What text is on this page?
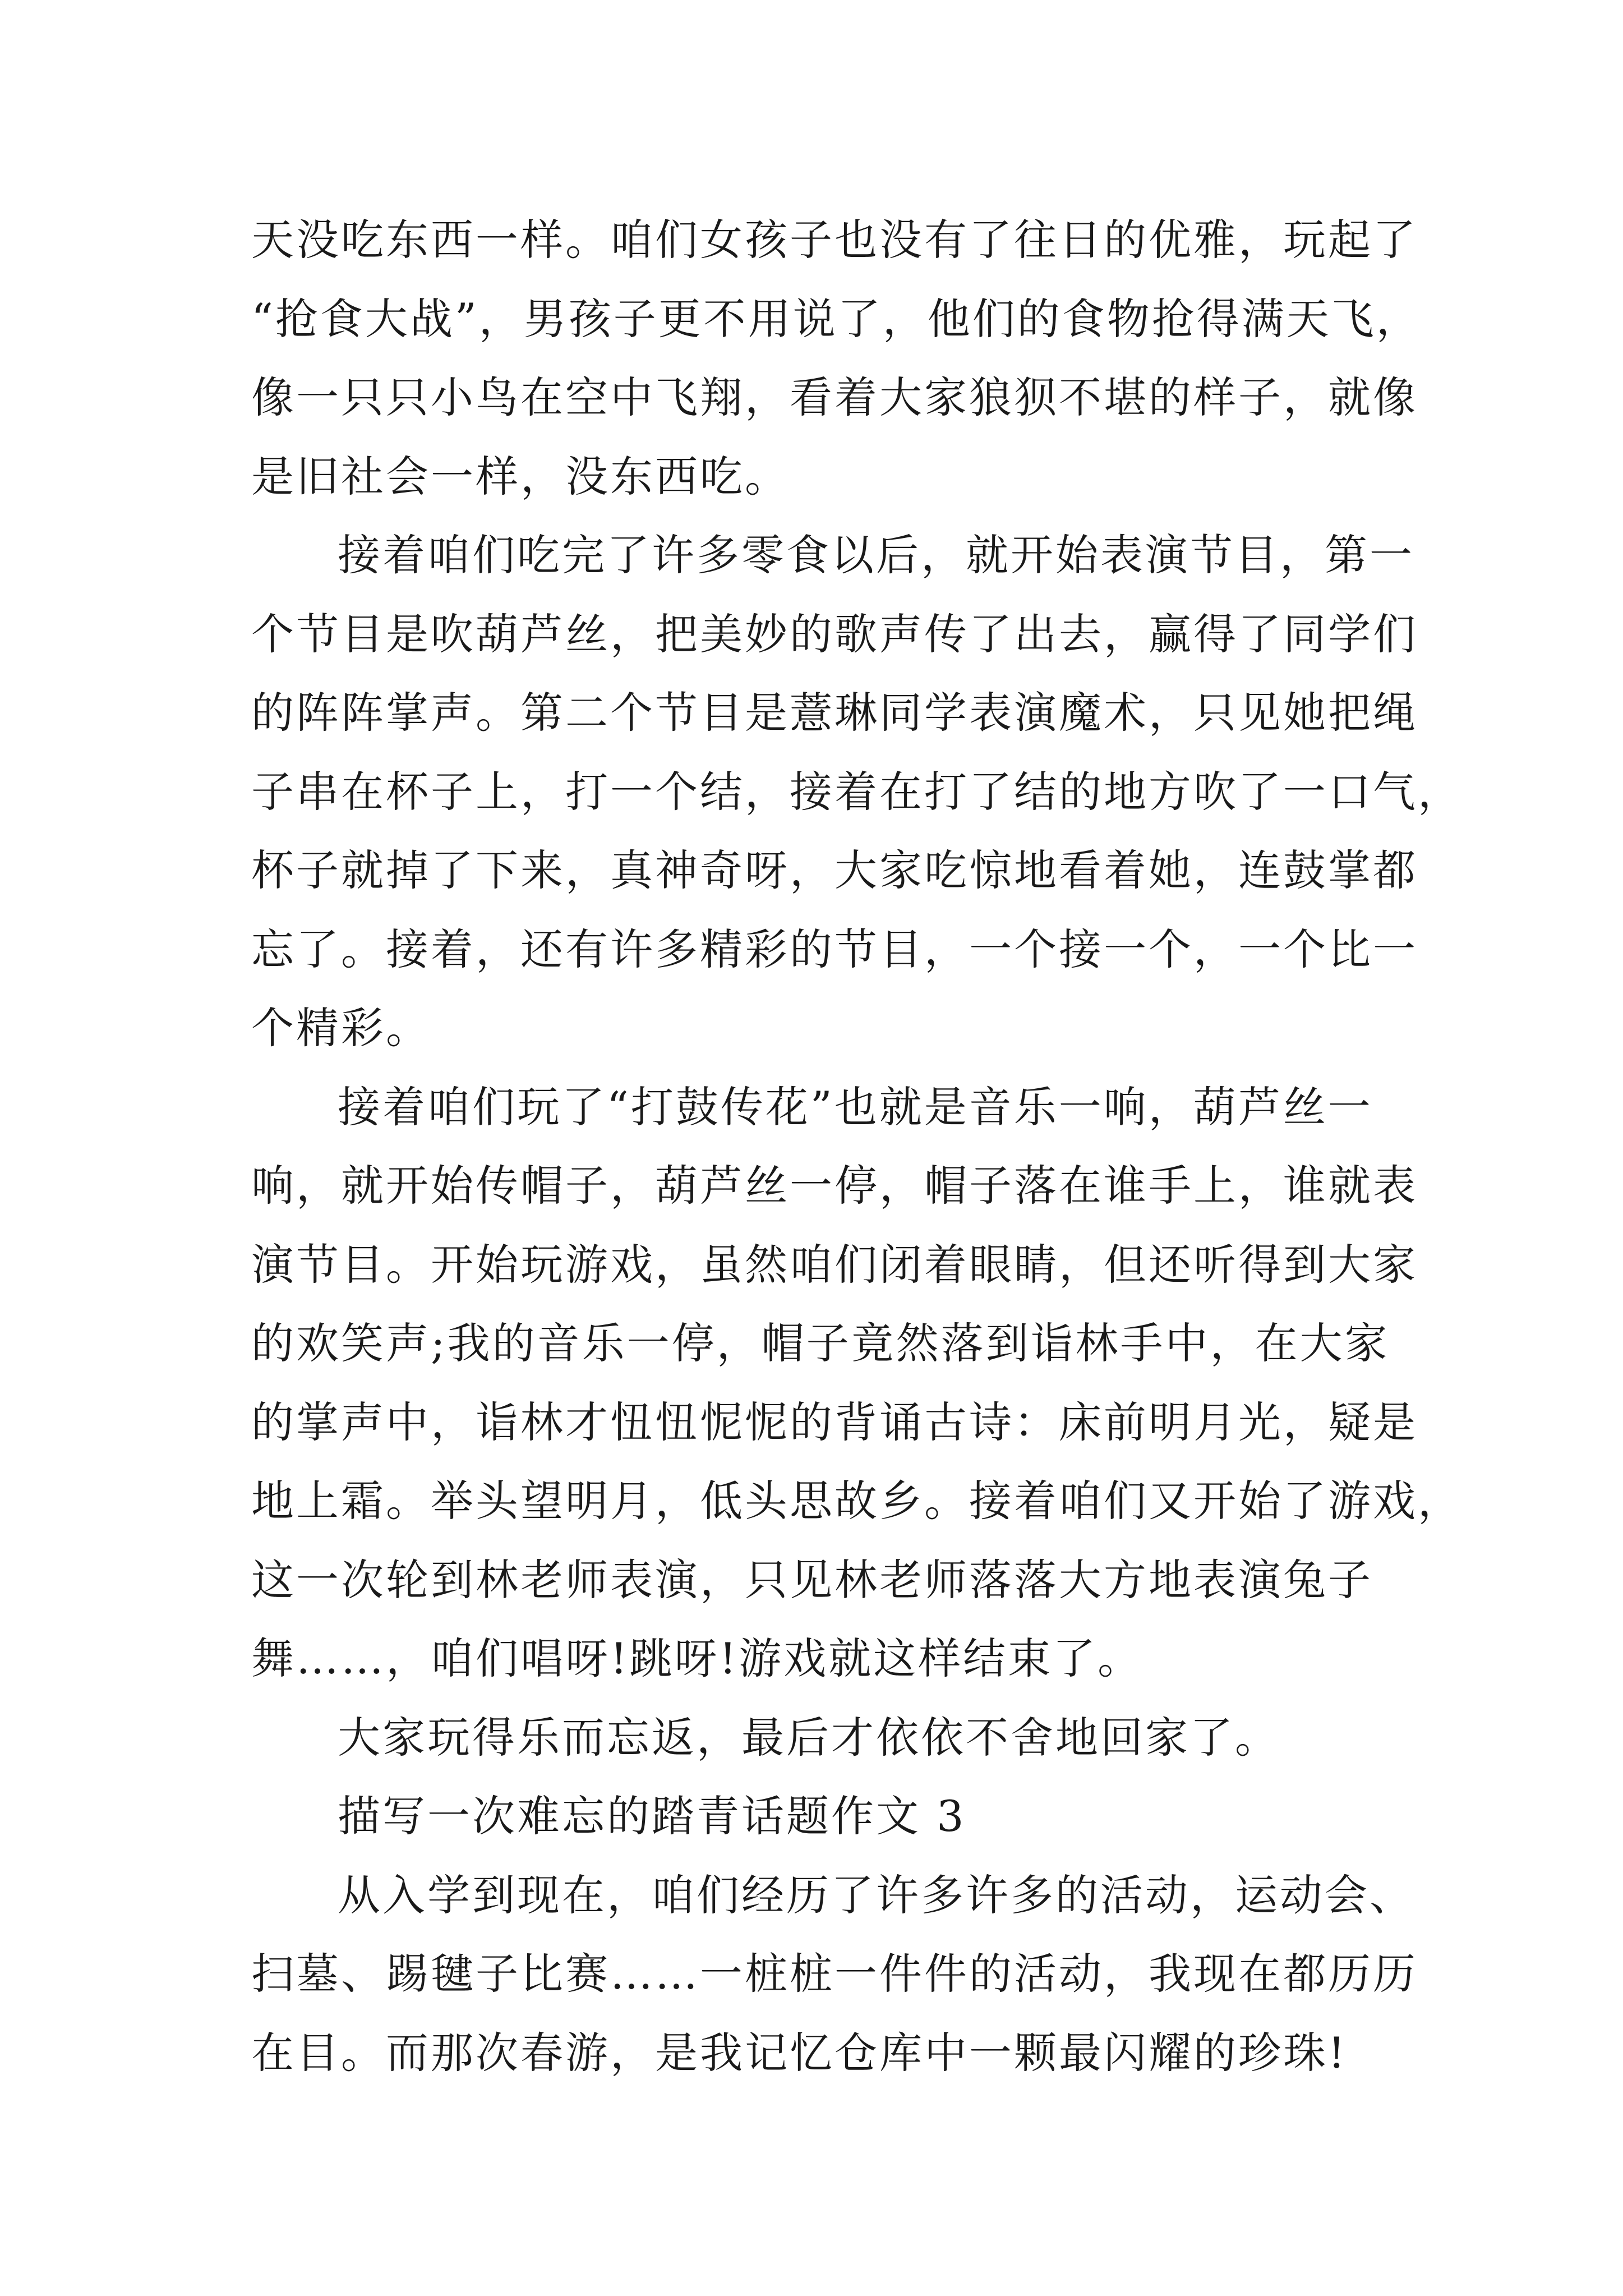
天没吃东西一样。咱们女孩子也没有了往日的优雅，玩起了
“抢食大战”，男孩子更不用说了，他们的食物抢得满天飞，
像一只只小鸟在空中飞翔，看着大家狼狈不堪的样子，就像
是旧社会一样，没东西吃。
接着咱们吃完了许多零食以后，就开始表演节目，第一
个节目是吹葫芦丝，把美妙的歌声传了出去，赢得了同学们
的阵阵掌声。第二个节目是薏琳同学表演魔术，只见她把绳
子串在杯子上，打一个结，接着在打了结的地方吹了一口气，
杯子就掉了下来，真神奇呀，大家吃惊地看着她，连鼓掌都
忘了。接着，还有许多精彩的节目，一个接一个，一个比一
个精彩。
接着咱们玩了“打鼓传花”也就是音乐一响，葫芦丝一
响，就开始传帽子，葫芦丝一停，帽子落在谁手上，谁就表
演节目。开始玩游戏，虽然咱们闭着眼睛，但还听得到大家
的欢笑声;我的音乐一停，帽子竟然落到诣林手中，在大家
的掌声中，诣林才忸忸怩怩的背诵古诗：床前明月光，疑是
地上霜。举头望明月，低头思故乡。接着咱们又开始了游戏，
这一次轮到林老师表演，只见林老师落落大方地表演兔子
舞……，咱们唱呀!跳呀!游戏就这样结束了。
大家玩得乐而忘返，最后才依依不舍地回家了。
描写一次难忘的踏青话题作文 3
从入学到现在，咱们经历了许多许多的活动，运动会、
扫墓、踢毽子比赛……一桩桩一件件的活动，我现在都历历
在目。而那次春游，是我记忆仓库中一颗最闪耀的珍珠!
